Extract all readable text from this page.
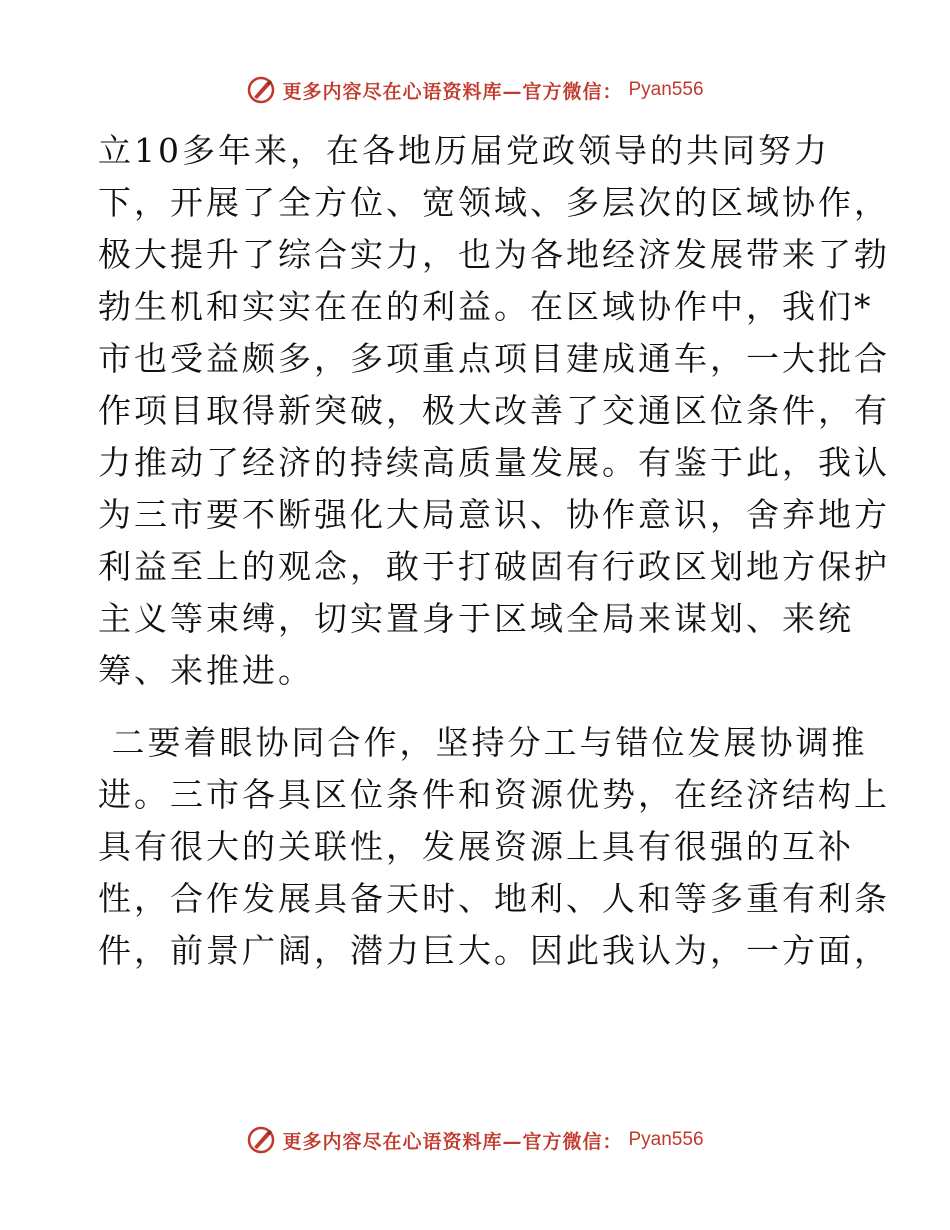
更多内容尽在心语资料库—官方微信： Pyan556
立10多年来，在各地历届党政领导的共同努力
下，开展了全方位、宽领域、多层次的区域协作，
极大提升了综合实力，也为各地经济发展带来了勃
勃生机和实实在在的利益。在区域协作中，我们*
市也受益颇多，多项重点项目建成通车，一大批合
作项目取得新突破，极大改善了交通区位条件，有
力推动了经济的持续高质量发展。有鉴于此，我认
为三市要不断强化大局意识、协作意识，舍弃地方
利益至上的观念，敢于打破固有行政区划地方保护
主义等束缚，切实置身于区域全局来谋划、来统
筹、来推进。
二要着眼协同合作，坚持分工与错位发展协调推
进。三市各具区位条件和资源优势，在经济结构上
具有很大的关联性，发展资源上具有很强的互补
性，合作发展具备天时、地利、人和等多重有利条
件，前景广阔，潜力巨大。因此我认为，一方面，
更多内容尽在心语资料库—官方微信： Pyan556
